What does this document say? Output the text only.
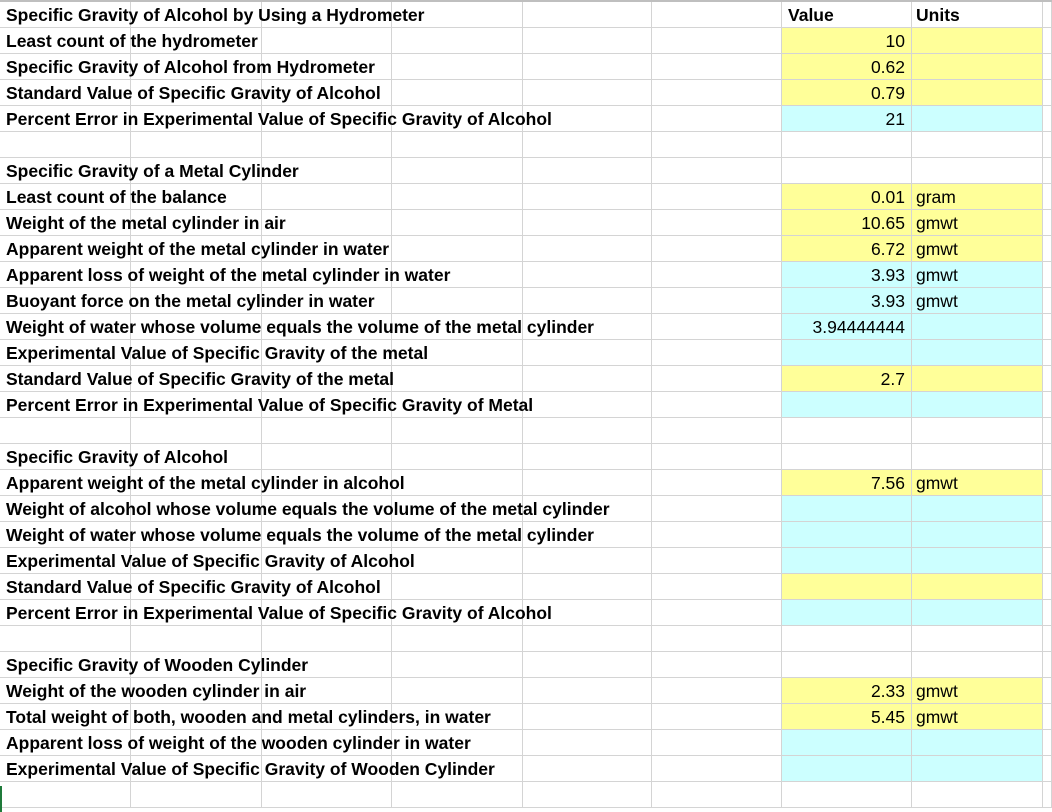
Specific Gravity of Alcohol by Using a Hydrometer	Value	Units
Least count of the hydrometer	10
Specific Gravity of Alcohol from Hydrometer	0.62
Standard Value of Specific Gravity of Alcohol	0.79
Percent Error in Experimental Value of Specific Gravity of Alcohol	21
Specific Gravity of a Metal Cylinder
Least count of the balance	0.01 gram
Weight of the metal cylinder in air	10.65 gmwt
Apparent weight of the metal cylinder in water	6.72 gmwt
Apparent loss of weight of the metal cylinder in water	3.93 gmwt
Buoyant force on the metal cylinder in water	3.93 gmwt
Weight of water whose volume equals the volume of the metal cylinder	3.94444444
Experimental Value of Specific Gravity of the metal
Standard Value of Specific Gravity of the metal	2.7
Percent Error in Experimental Value of Specific Gravity of Metal
Specific Gravity of Alcohol
Apparent weight of the metal cylinder in alcohol	7.56 gmwt
Weight of alcohol whose volume equals the volume of the metal cylinder
Weight of water whose volume equals the volume of the metal cylinder
Experimental Value of Specific Gravity of Alcohol
Standard Value of Specific Gravity of Alcohol
Percent Error in Experimental Value of Specific Gravity of Alcohol
Specific Gravity of Wooden Cylinder
Weight of the wooden cylinder in air	2.33 gmwt
Total weight of both, wooden and metal cylinders, in water	5.45 gmwt
Apparent loss of weight of the wooden cylinder in water
Experimental Value of Specific Gravity of Wooden Cylinder
